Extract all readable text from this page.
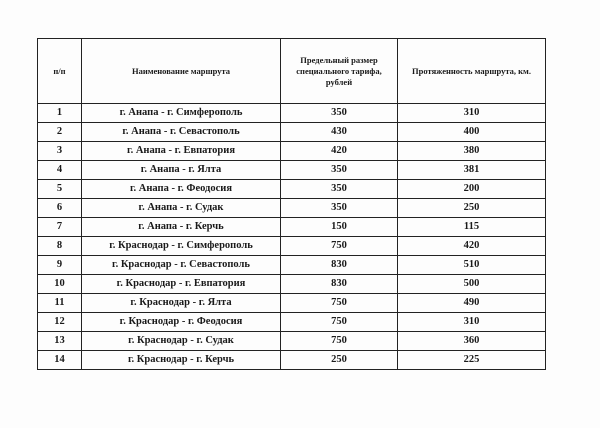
п/п	Наименование маршрута	Предельный размер специального тарифа, рублей	Протяженность маршрута, км.
1	г. Анапа - г. Симферополь	350	310
2	г. Анапа - г. Севастополь	430	400
3	г. Анапа - г. Евпатория	420	380
4	г. Анапа - г. Ялта	350	381
5	г. Анапа - г. Феодосия	350	200
6	г. Анапа - г. Судак	350	250
7	г. Анапа - г. Керчь	150	115
8	г. Краснодар - г. Симферополь	750	420
9	г. Краснодар - г. Севастополь	830	510
10	г. Краснодар - г. Евпатория	830	500
11	г. Краснодар - г. Ялта	750	490
12	г. Краснодар - г. Феодосия	750	310
13	г. Краснодар - г. Судак	750	360
14	г. Краснодар - г. Керчь	250	225
